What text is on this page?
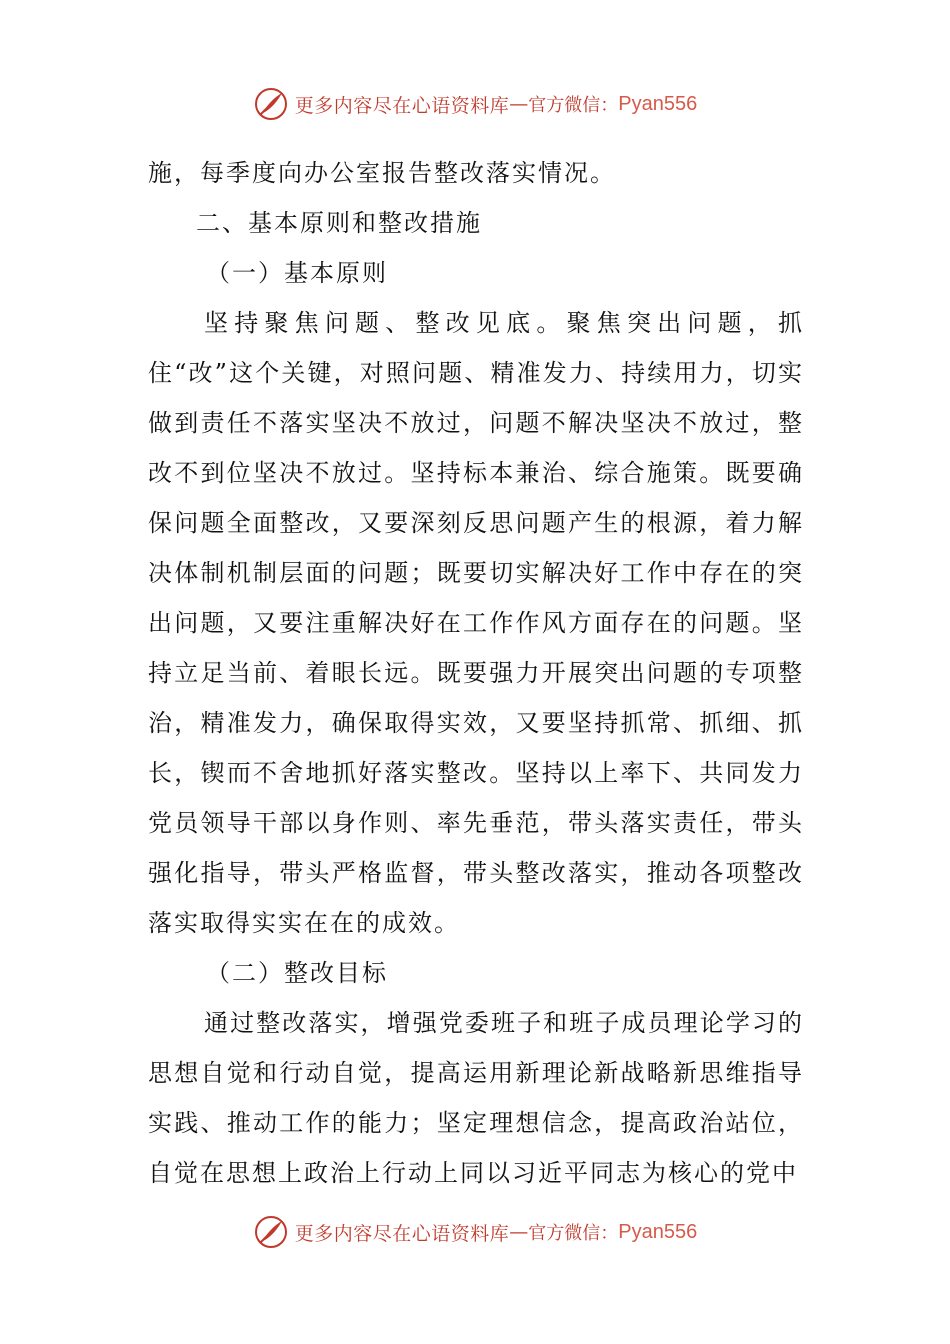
更多内容尽在心语资料库 — 官方微信： Pyan556

施，每季度向办公室报告整改落实情况。

二、基本原则和整改措施

（一）基本原则

坚持聚焦问题、整改见底。聚焦突出问题，抓住“改”这个关键，对照问题、精准发力、持续用力，切实做到责任不落实坚决不放过，问题不解决坚决不放过，整改不到位坚决不放过。坚持标本兼治、综合施策。既要确保问题全面整改，又要深刻反思问题产生的根源，着力解决体制机制层面的问题；既要切实解决好工作中存在的突出问题，又要注重解决好在工作作风方面存在的问题。坚持立足当前、着眼长远。既要强力开展突出问题的专项整治，精准发力，确保取得实效，又要坚持抓常、抓细、抓长，锲而不舍地抓好落实整改。坚持以上率下、共同发力党员领导干部以身作则、率先垂范，带头落实责任，带头强化指导，带头严格监督，带头整改落实，推动各项整改落实取得实实在在的成效。

（二）整改目标

通过整改落实，增强党委班子和班子成员理论学习的思想自觉和行动自觉，提高运用新理论新战略新思维指导实践、推动工作的能力；坚定理想信念，提高政治站位，自觉在思想上政治上行动上同以习近平同志为核心的党中

更多内容尽在心语资料库 — 官方微信： Pyan556
